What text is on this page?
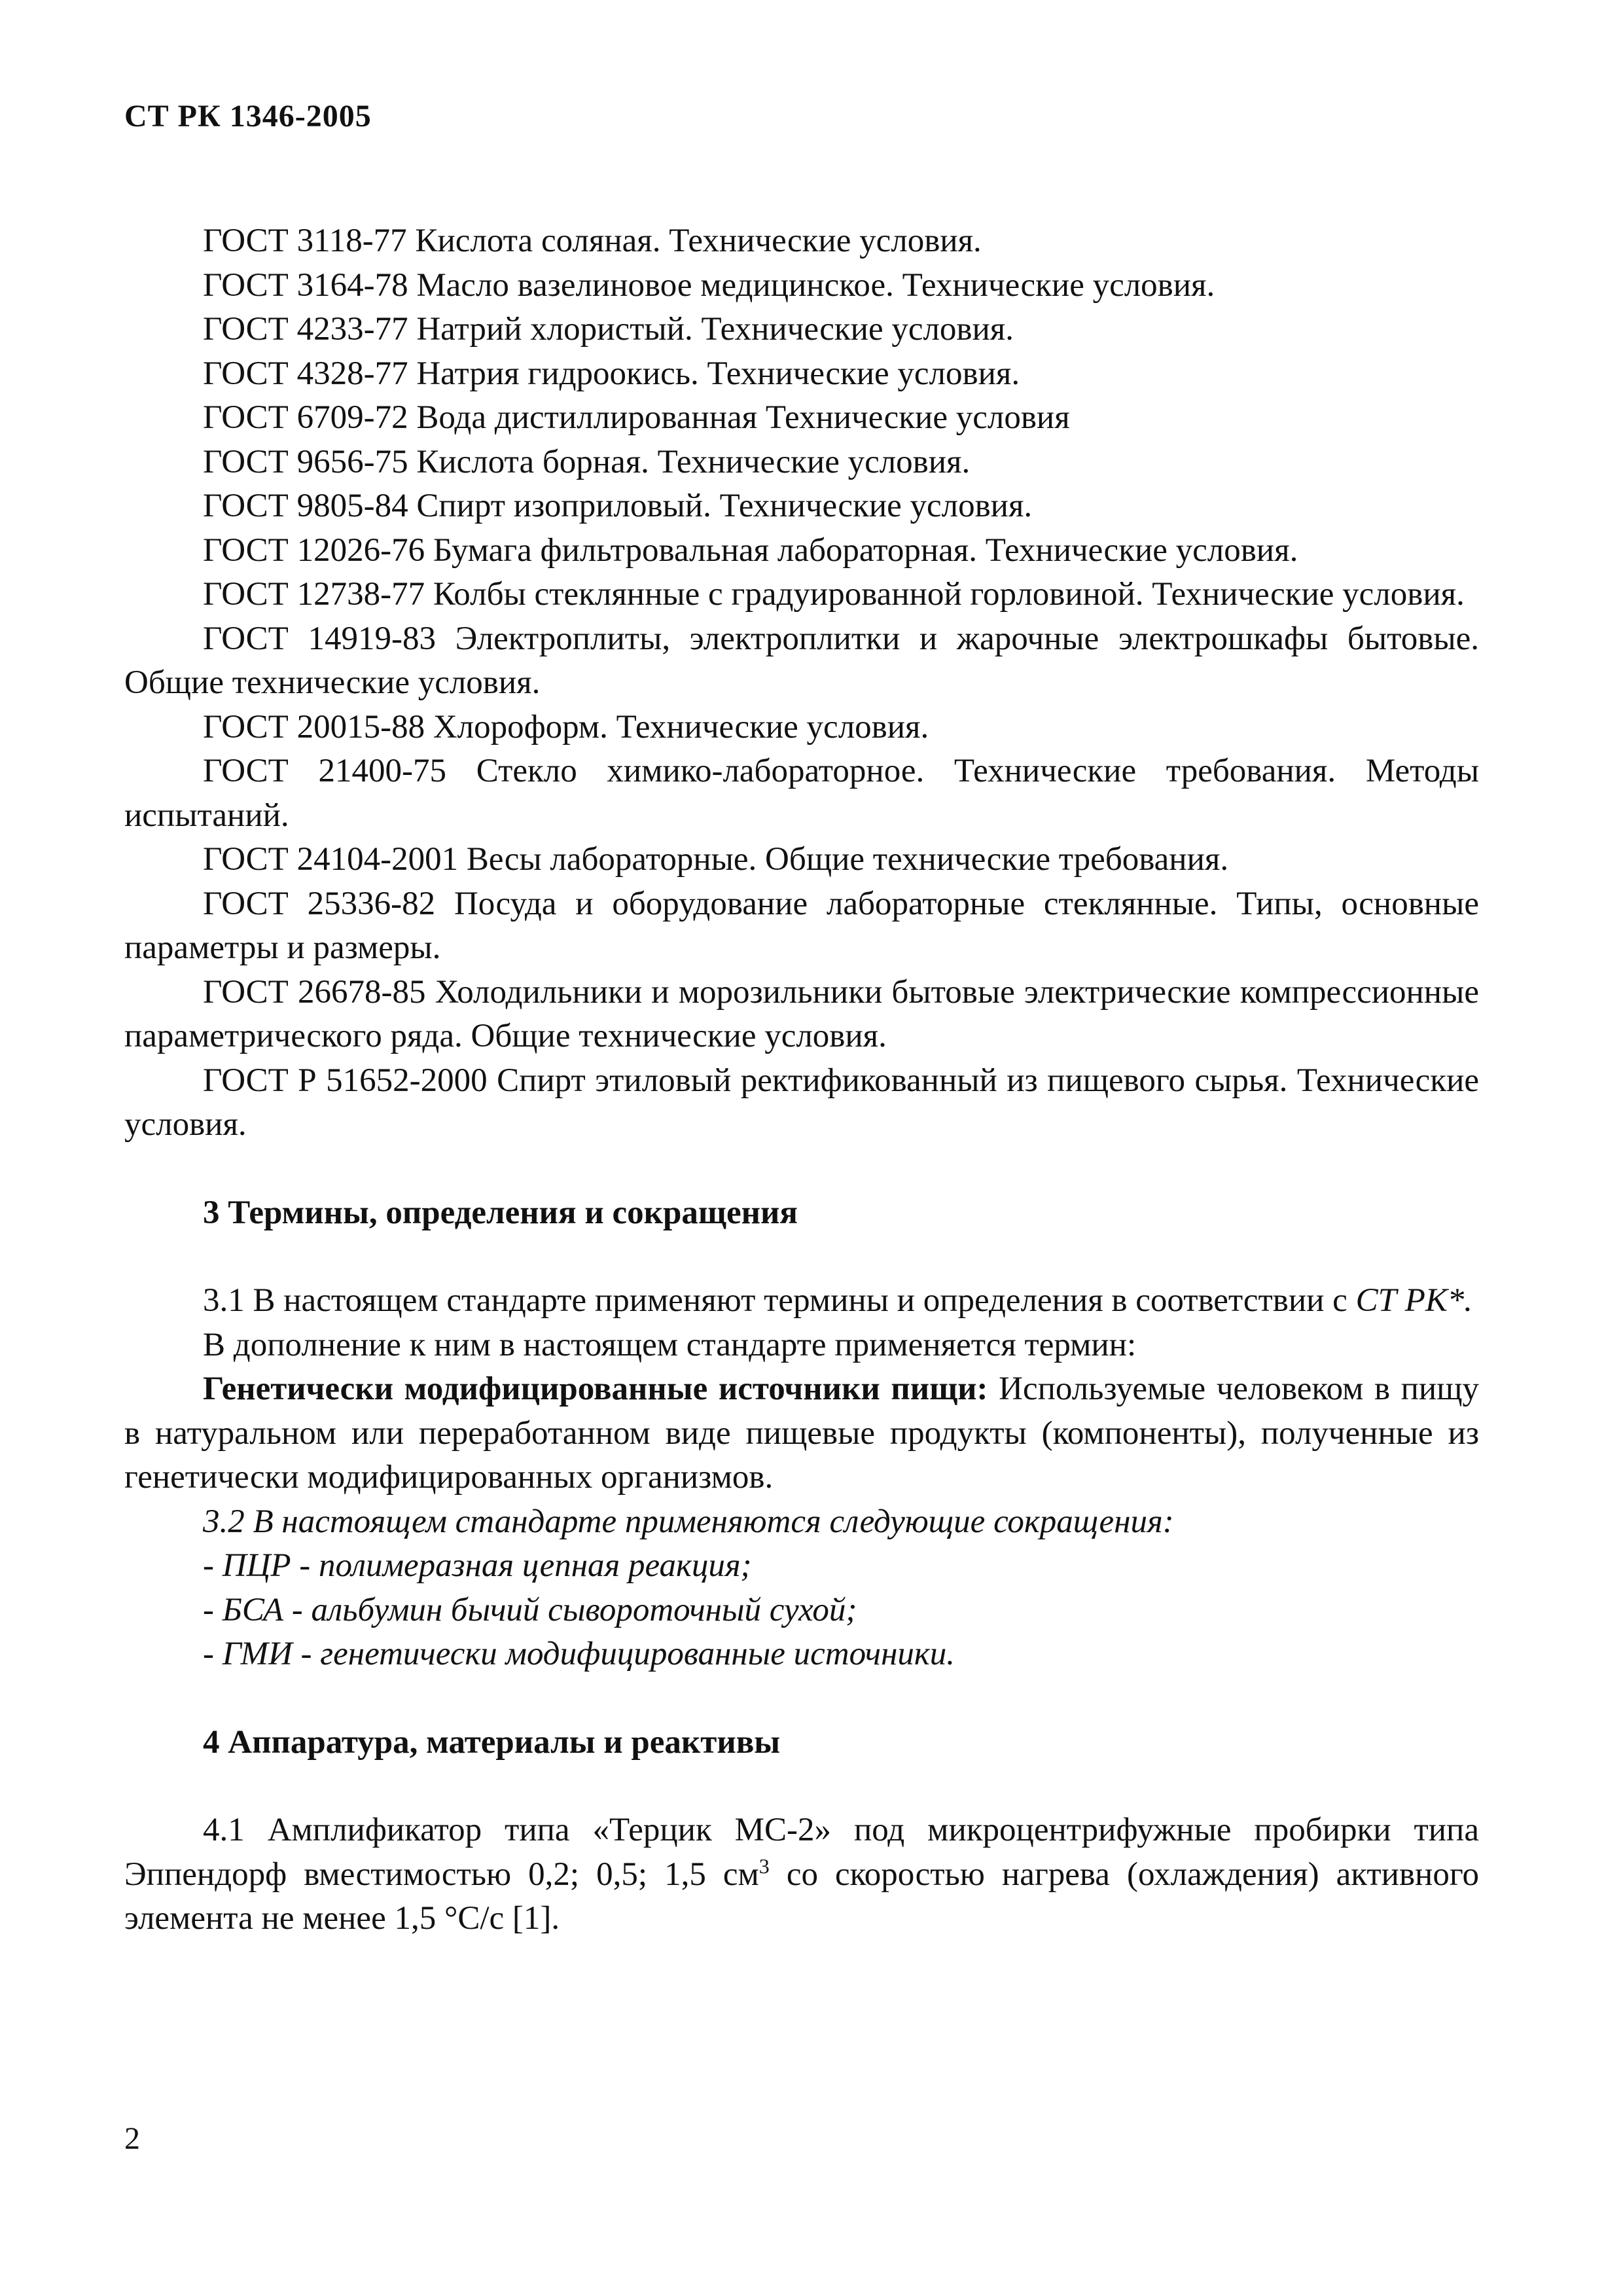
СТ РК 1346-2005

ГОСТ 3118-77 Кислота соляная. Технические условия.

ГОСТ 3164-78 Масло вазелиновое медицинское. Технические условия.

ГОСТ 4233-77 Натрий хлористый. Технические условия.

ГОСТ 4328-77 Натрия гидроокись. Технические условия.

ГОСТ 6709-72 Вода дистиллированная Технические условия

ГОСТ 9656-75 Кислота борная. Технические условия.

ГОСТ 9805-84 Спирт изоприловый. Технические условия.

ГОСТ 12026-76 Бумага фильтровальная лабораторная. Технические условия.

ГОСТ 12738-77 Колбы стеклянные с градуированной горловиной. Технические условия.

ГОСТ 14919-83 Электроплиты, электроплитки и жарочные электрошкафы бытовые. Общие технические условия.

ГОСТ 20015-88 Хлороформ. Технические условия.

ГОСТ 21400-75 Стекло химико-лабораторное. Технические требования. Методы испытаний.

ГОСТ 24104-2001 Весы лабораторные. Общие технические требования.

ГОСТ 25336-82 Посуда и оборудование лабораторные стеклянные. Типы, основные параметры и размеры.

ГОСТ 26678-85 Холодильники и морозильники бытовые электрические компрессионные параметрического ряда. Общие технические условия.

ГОСТ Р 51652-2000 Спирт этиловый ректификованный из пищевого сырья. Технические условия.

3 Термины, определения и сокращения

3.1 В настоящем стандарте применяют термины и определения в соответствии с СТ РК*.

В дополнение к ним в настоящем стандарте применяется термин:

Генетически модифицированные источники пищи: Используемые человеком в пищу в натуральном или переработанном виде пищевые продукты (компоненты), полученные из генетически модифицированных организмов.

3.2 В настоящем стандарте применяются следующие сокращения:

- ПЦР - полимеразная цепная реакция;

- БСА - альбумин бычий сывороточный сухой;

- ГМИ - генетически модифицированные источники.

4 Аппаратура, материалы и реактивы

4.1 Амплификатор типа «Терцик МС-2» под микроцентрифужные пробирки типа Эппендорф вместимостью 0,2; 0,5; 1,5 $см^3$ со скоростью нагрева (охлаждения) активного элемента не менее 1,5 °С/с [1].

2
